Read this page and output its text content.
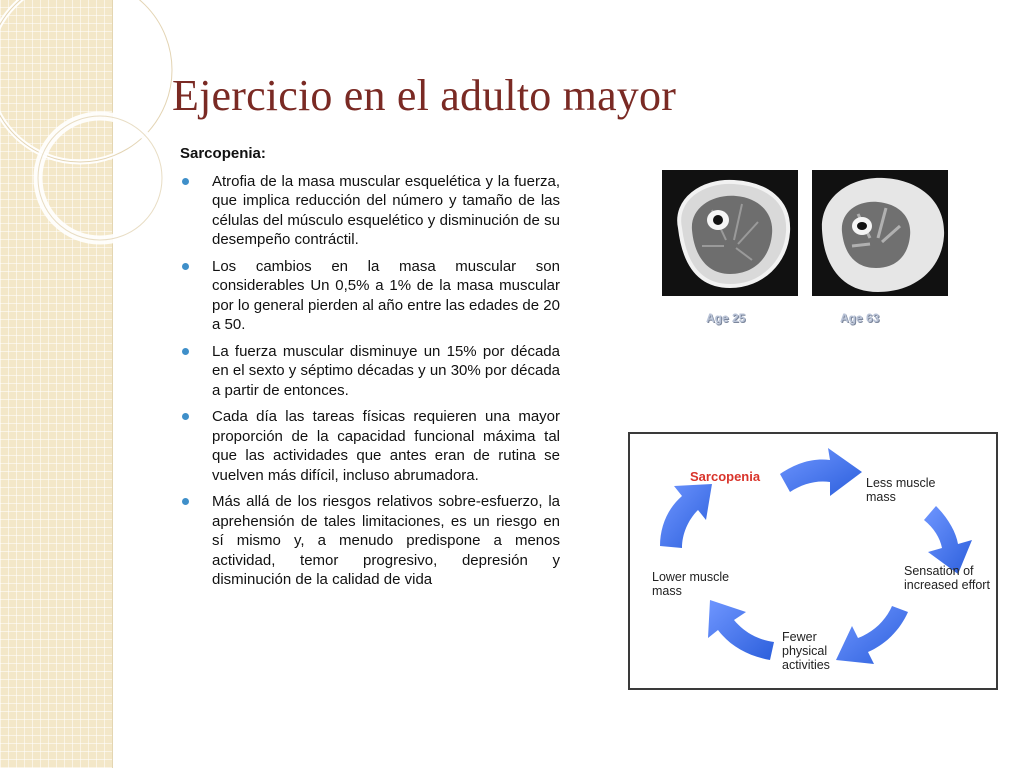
Ejercicio en el adulto mayor
Sarcopenia:
Atrofia de la masa muscular esquelética y la fuerza, que implica reducción del número y tamaño de las células del músculo esquelético y disminución de su desempeño contráctil.
Los cambios en la masa muscular son considerables Un 0,5% a 1% de la masa muscular por lo general pierden al año entre las edades de 20 a 50.
La fuerza muscular disminuye un 15% por década en el sexto y séptimo décadas y un 30% por década a partir de entonces.
Cada día las tareas físicas requieren una mayor proporción de la capacidad funcional máxima tal que las actividades que antes eran de rutina se vuelven más difícil, incluso abrumadora.
Más allá de los riesgos relativos sobre-esfuerzo, la aprehensión de tales limitaciones, es un riesgo en sí mismo y, a menudo predispone a menos actividad, temor progresivo, depresión y disminución de la calidad de vida
Age 25	Age 63
Sarcopenia	Less muscle mass
Sensation of increased effort
Fewer physical activities
Lower muscle mass
